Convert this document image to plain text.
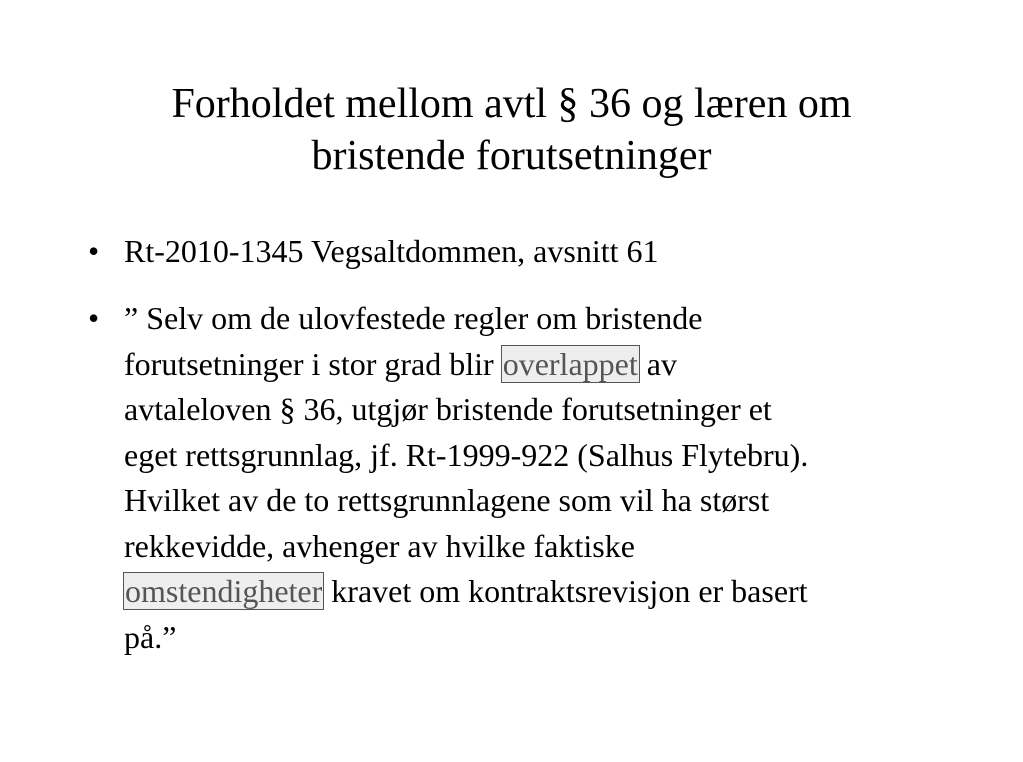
Forholdet mellom avtl § 36 og læren om
bristende forutsetninger
• Rt-2010-1345 Vegsaltdommen, avsnitt 61
• ” Selv om de ulovfestede regler om bristende
forutsetninger i stor grad blir overlappet av
avtaleloven § 36, utgjør bristende forutsetninger et
eget rettsgrunnlag, jf. Rt-1999-922 (Salhus Flytebru).
Hvilket av de to rettsgrunnlagene som vil ha størst
rekkevidde, avhenger av hvilke faktiske
omstendigheter kravet om kontraktsrevisjon er basert
på.”
